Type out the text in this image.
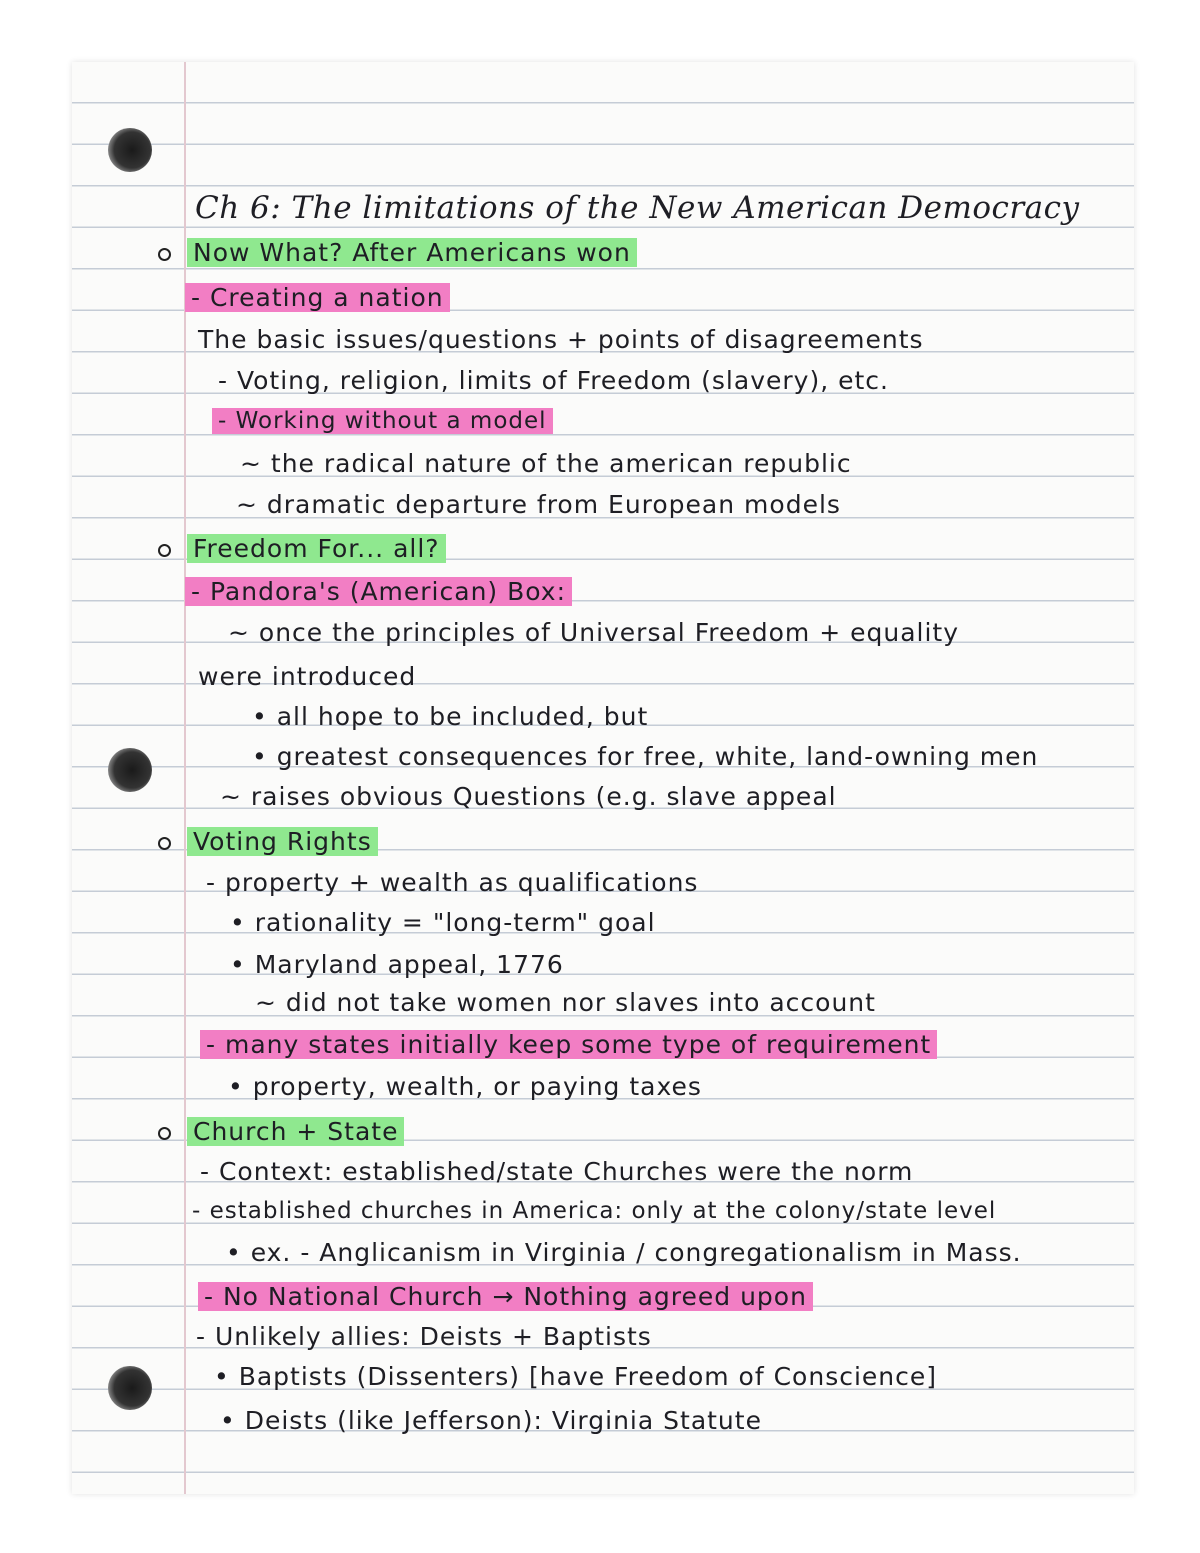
Ch 6: The limitations of the New American Democracy
Now What? After Americans won
- Creating a nation
The basic issues/questions + points of disagreements
- Voting, religion, limits of Freedom (slavery), etc.
- Working without a model
~ the radical nature of the american republic
~ dramatic departure from European models
Freedom For... all?
- Pandora's (American) Box:
~ once the principles of Universal Freedom + equality
were introduced
• all hope to be included, but
• greatest consequences for free, white, land-owning men
~ raises obvious Questions (e.g. slave appeal
Voting Rights
- property + wealth as qualifications
• rationality = "long-term" goal
• Maryland appeal, 1776
~ did not take women nor slaves into account
- many states initially keep some type of requirement
• property, wealth, or paying taxes
Church + State
- Context: established/state Churches were the norm
- established churches in America: only at the colony/state level
• ex. - Anglicanism in Virginia / congregationalism in Mass.
- No National Church → Nothing agreed upon
- Unlikely allies: Deists + Baptists
• Baptists (Dissenters) [have Freedom of Conscience]
• Deists (like Jefferson): Virginia Statute
